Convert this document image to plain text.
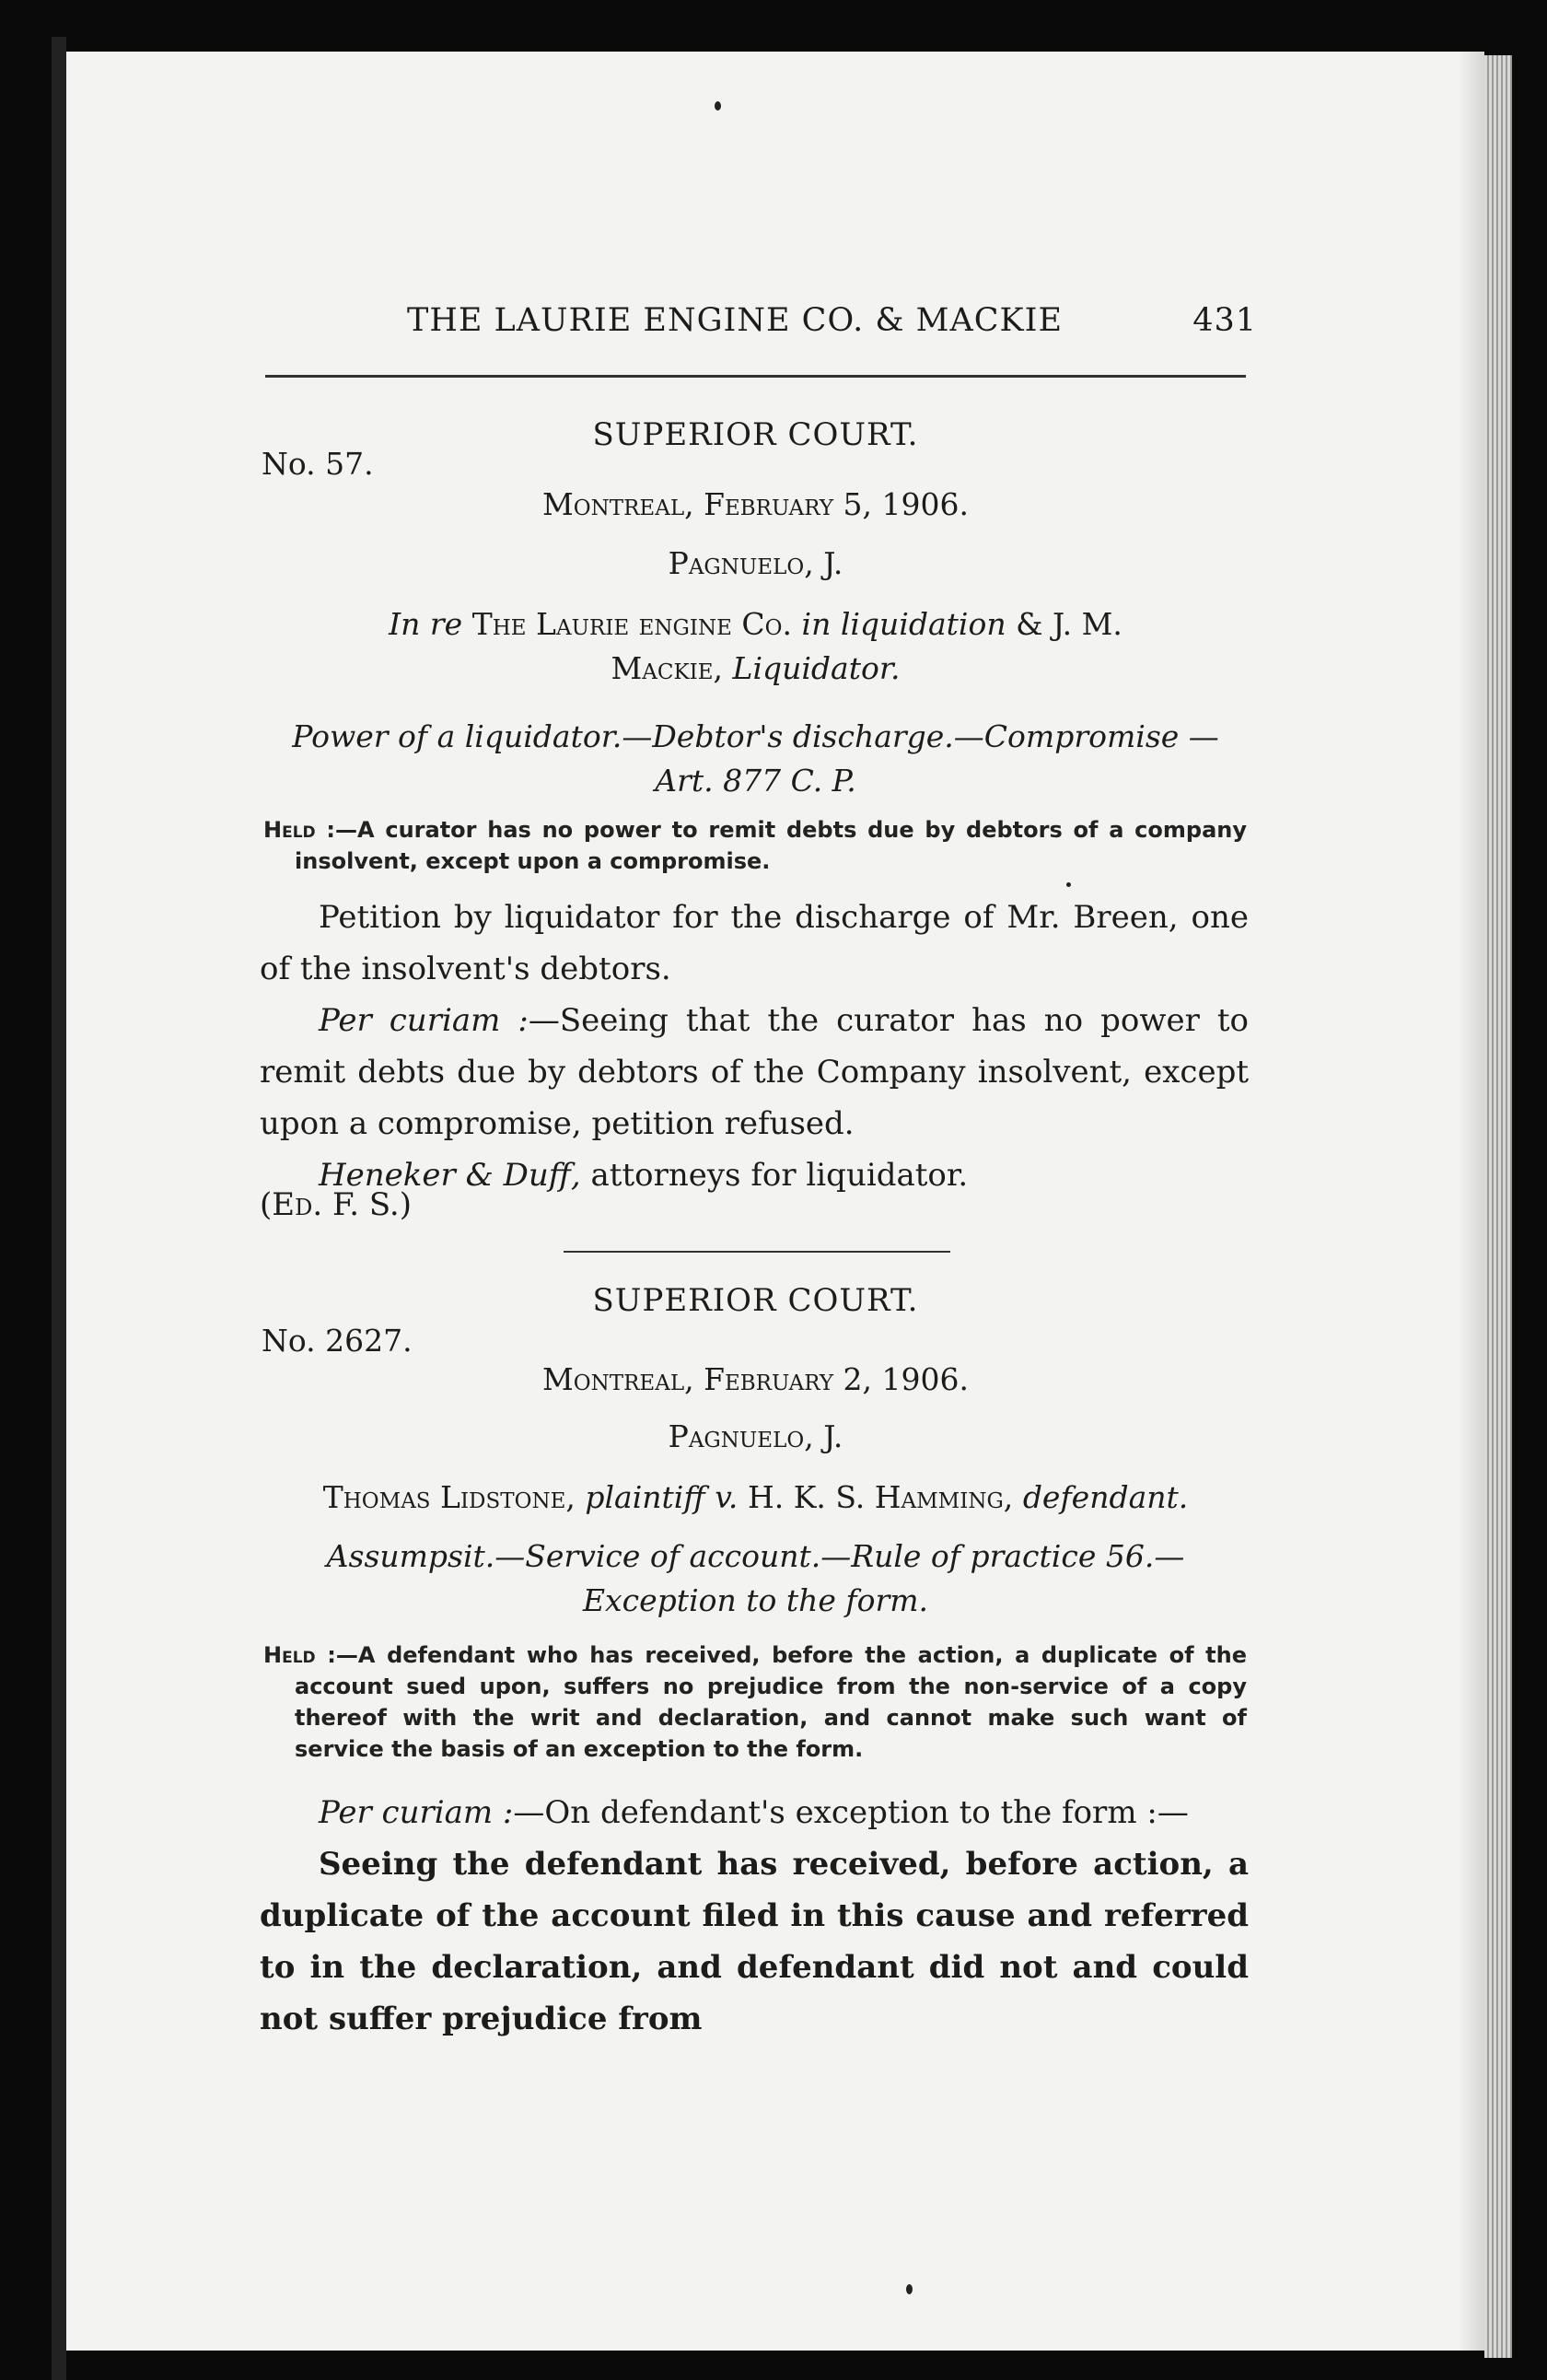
THE LAURIE ENGINE CO. & MACKIE	431
SUPERIOR COURT.
No. 57.
Montreal, February 5, 1906.
Pagnuelo, J.
In re The Laurie engine Co. in liquidation & J. M.
Mackie, Liquidator.
Power of a liquidator.—Debtor's discharge.—Compromise —
Art. 877 C. P.
Held :—A curator has no power to remit debts due by debtors of a company insolvent, except upon a compromise.

Petition by liquidator for the discharge of Mr. Breen, one of the insolvent's debtors.

Per curiam :—Seeing that the curator has no power to remit debts due by debtors of the Company insolvent, except upon a compromise, petition refused.

Heneker & Duff, attorneys for liquidator.

(Ed. F. S.)
SUPERIOR COURT.
No. 2627.
Montreal, February 2, 1906.
Pagnuelo, J.
Thomas Lidstone, plaintiff v. H. K. S. Hamming, defendant.
Assumpsit.—Service of account.—Rule of practice 56.—
Exception to the form.
Held :—A defendant who has received, before the action, a duplicate of the account sued upon, suffers no prejudice from the non-service of a copy thereof with the writ and declaration, and cannot make such want of service the basis of an exception to the form.

Per curiam :—On defendant's exception to the form :—

Seeing the defendant has received, before action, a duplicate of the account filed in this cause and referred to in the declaration, and defendant did not and could not suffer prejudice from
